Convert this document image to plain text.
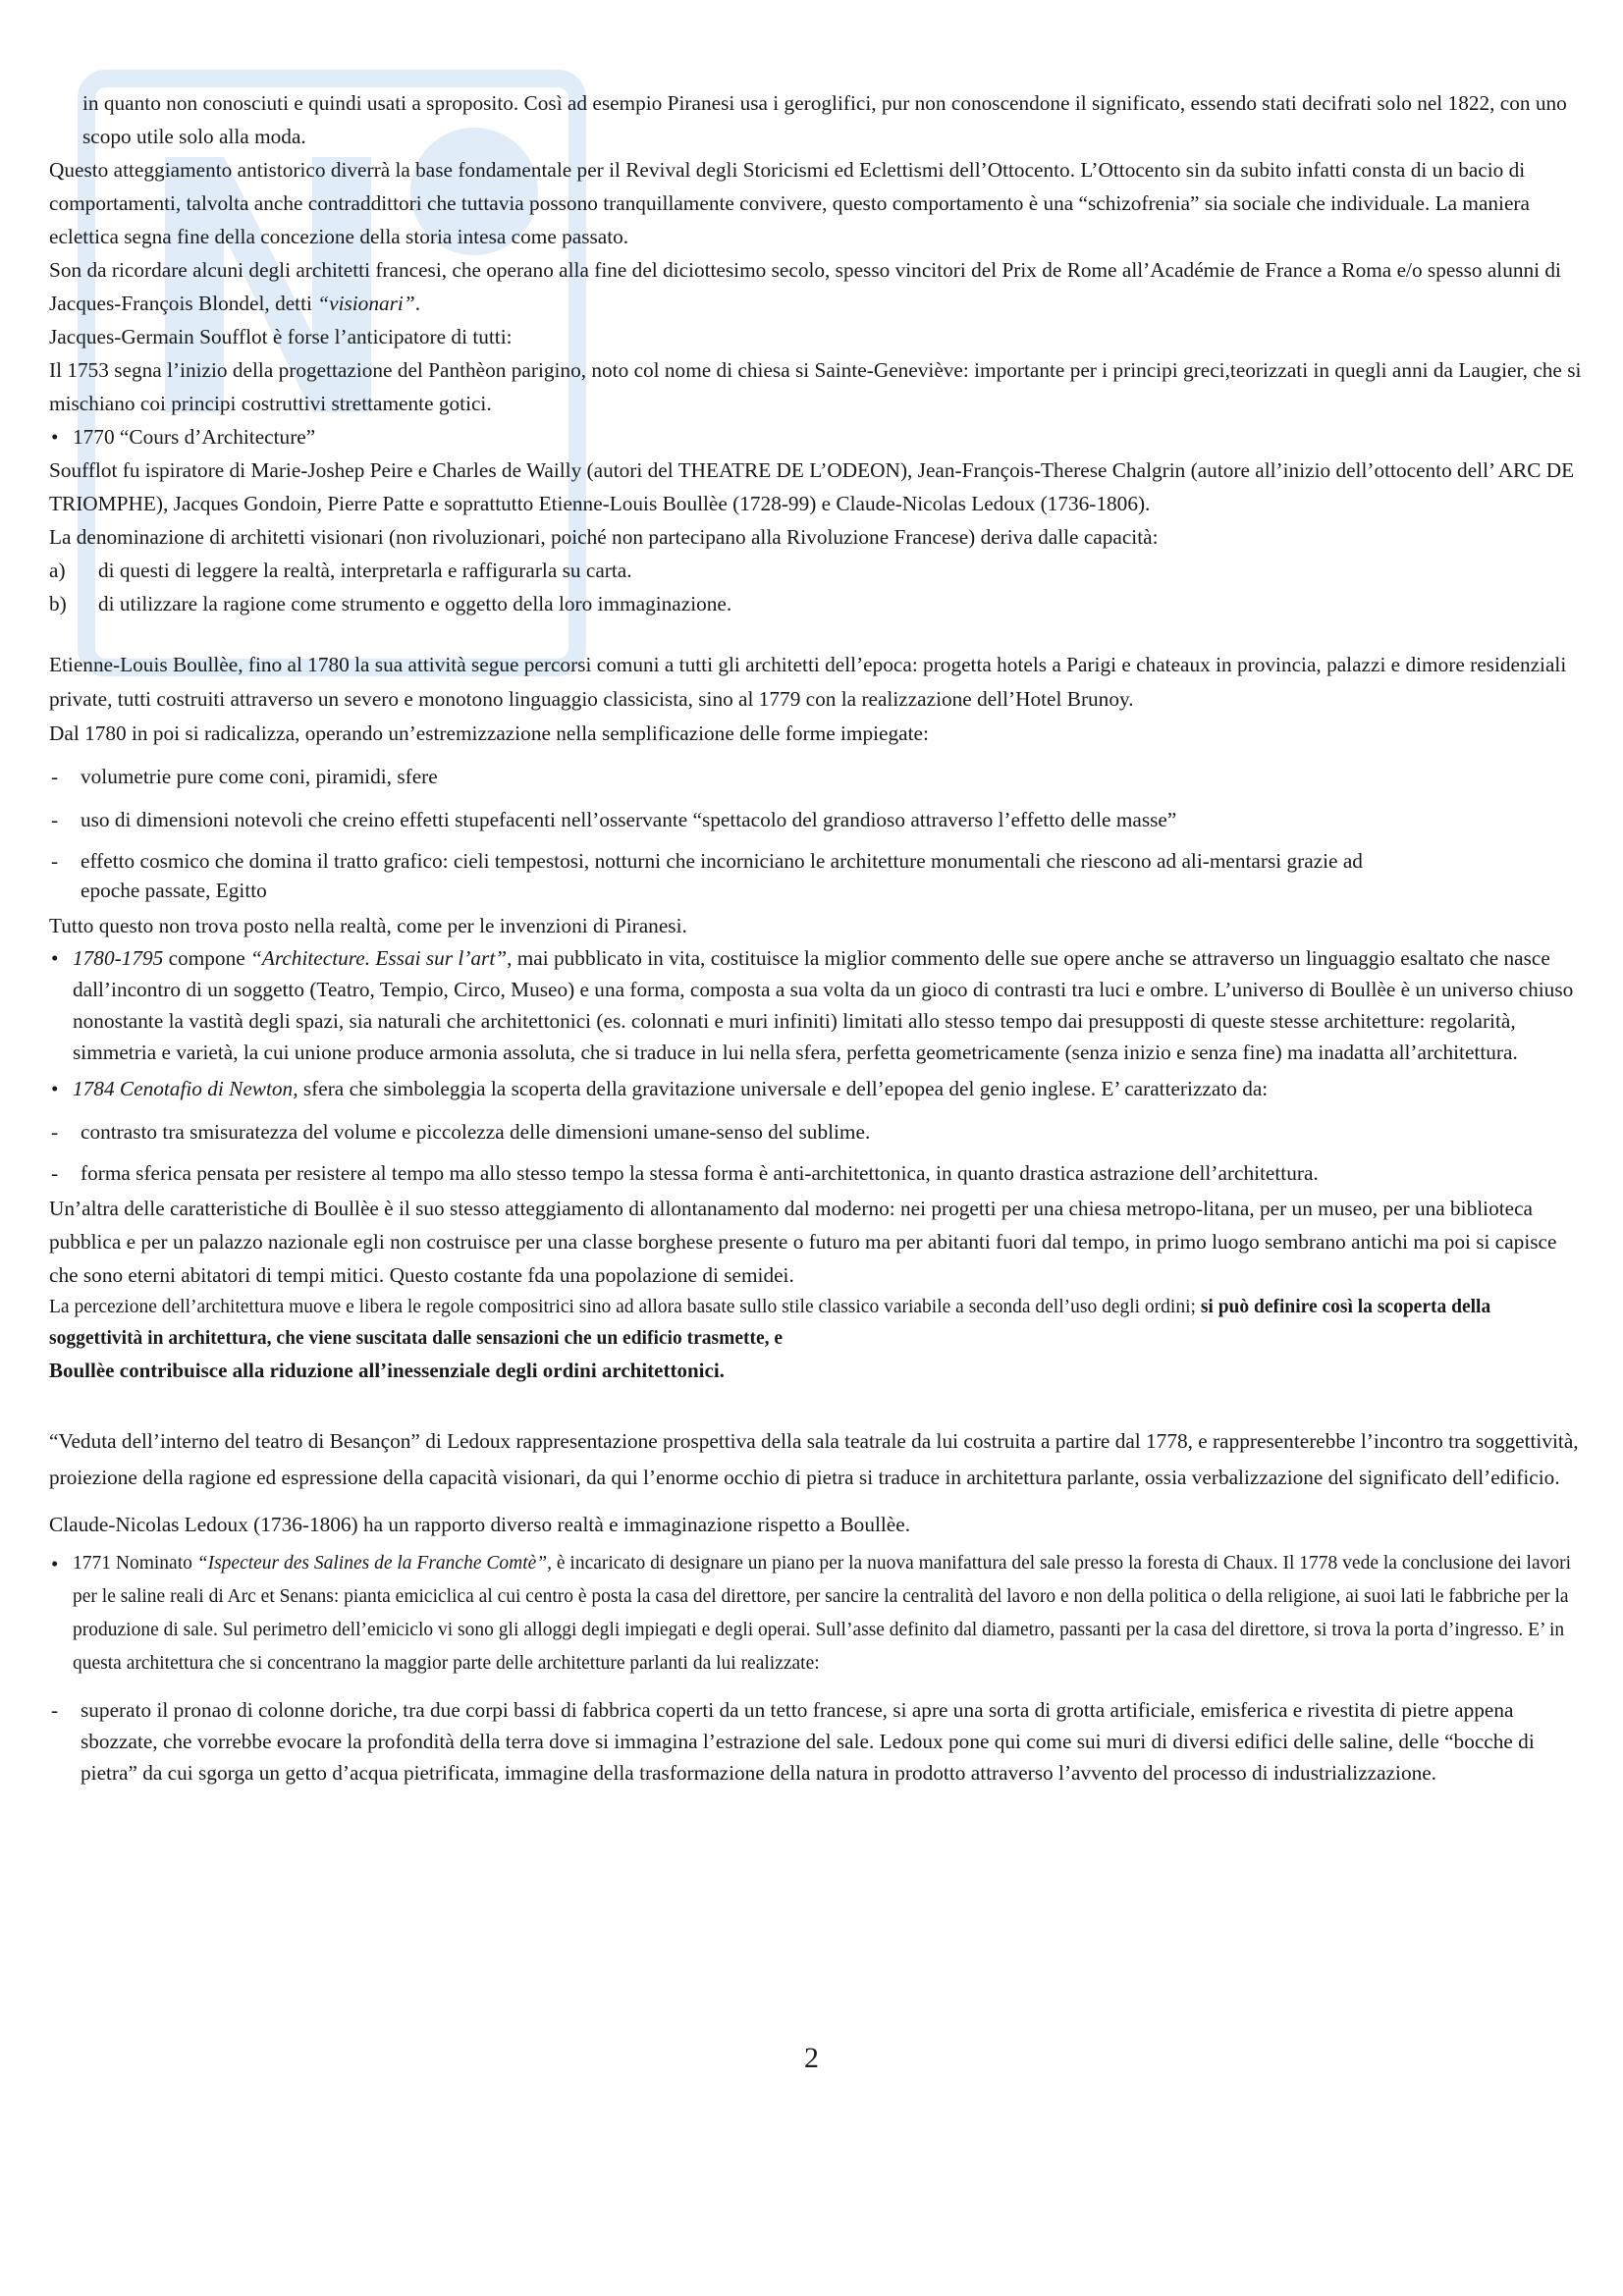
in quanto non conosciuti e quindi usati a sproposito. Così ad esempio Piranesi usa i geroglifici, pur non conoscendone il significato, essendo stati decifrati solo nel 1822, con uno scopo utile solo alla moda.

Questo atteggiamento antistorico diverrà la base fondamentale per il Revival degli Storicismi ed Eclettismi dell’Ottocento. L’Ottocento sin da subito infatti consta di un bacio di comportamenti, talvolta anche contraddittori che tuttavia possono tranquillamente convivere, questo comportamento è una “schizofrenia” sia sociale che individuale. La maniera eclettica segna fine della concezione della storia intesa come passato.

Son da ricordare alcuni degli architetti francesi, che operano alla fine del diciottesimo secolo, spesso vincitori del Prix de Rome all’Académie de France a Roma e/o spesso alunni di Jacques-François Blondel, detti “visionari”.

Jacques-Germain Soufflot è forse l’anticipatore di tutti:

Il 1753 segna l’inizio della progettazione del Panthèon parigino, noto col nome di chiesa si Sainte-Geneviève: importante per i principi greci,teorizzati in quegli anni da Laugier, che si mischiano coi principi costruttivi strettamente gotici.

• 1770 “Cours d’Architecture”

Soufflot fu ispiratore di Marie-Joshep Peire e Charles de Wailly (autori del THEATRE DE L’ODEON), Jean-François-Therese Chalgrin (autore all’inizio dell’ottocento dell’ ARC DE TRIOMPHE), Jacques Gondoin, Pierre Patte e soprattutto Etienne-Louis Boullèe (1728-99) e Claude-Nicolas Ledoux (1736-1806).

La denominazione di architetti visionari (non rivoluzionari, poiché non partecipano alla Rivoluzione Francese) deriva dalle capacità:

a) di questi di leggere la realtà, interpretarla e raffigurarla su carta.

b) di utilizzare la ragione come strumento e oggetto della loro immaginazione.

Etienne-Louis Boullèe, fino al 1780 la sua attività segue percorsi comuni a tutti gli architetti dell’epoca: progetta hotels a Parigi e chateaux in provincia, palazzi e dimore residenziali private, tutti costruiti attraverso un severo e monotono linguaggio classicista, sino al 1779 con la realizzazione dell’Hotel Brunoy.

Dal 1780 in poi si radicalizza, operando un’estremizzazione nella semplificazione delle forme impiegate:

- volumetrie pure come coni, piramidi, sfere

- uso di dimensioni notevoli che creino effetti stupefacenti nell’osservante “spettacolo del grandioso attraverso l’effetto delle masse”

- effetto cosmico che domina il tratto grafico: cieli tempestosi, notturni che incorniciano le architetture monumentali che riescono ad ali-mentarsi grazie ad epoche passate, Egitto

Tutto questo non trova posto nella realtà, come per le invenzioni di Piranesi.

• 1780-1795 compone “Architecture. Essai sur l’art”, mai pubblicato in vita, costituisce la miglior commento delle sue opere anche se attraverso un linguaggio esaltato che nasce dall’incontro di un soggetto (Teatro, Tempio, Circo, Museo) e una forma, composta a sua volta da un gioco di contrasti tra luci e ombre. L’universo di Boullèe è un universo chiuso nonostante la vastità degli spazi, sia naturali che architettonici (es. colonnati e muri infiniti) limitati allo stesso tempo dai presupposti di queste stesse architetture: regolarità, simmetria e varietà, la cui unione produce armonia assoluta, che si traduce in lui nella sfera, perfetta geometricamente (senza inizio e senza fine) ma inadatta all’architettura.

• 1784 Cenotafio di Newton, sfera che simboleggia la scoperta della gravitazione universale e dell’epopea del genio inglese. E’ caratterizzato da:

- contrasto tra smisuratezza del volume e piccolezza delle dimensioni umane-senso del sublime.

- forma sferica pensata per resistere al tempo ma allo stesso tempo la stessa forma è anti-architettonica, in quanto drastica astrazione dell’architettura.

Un’altra delle caratteristiche di Boullèe è il suo stesso atteggiamento di allontanamento dal moderno: nei progetti per una chiesa metropo-litana, per un museo, per una biblioteca pubblica e per un palazzo nazionale egli non costruisce per una classe borghese presente o futuro ma per abitanti fuori dal tempo, in primo luogo sembrano antichi ma poi si capisce che sono eterni abitatori di tempi mitici. Questo costante fda una popolazione di semidei.

La percezione dell’architettura muove e libera le regole compositrici sino ad allora basate sullo stile classico variabile a seconda dell’uso degli ordini; si può definire così la scoperta della soggettività in architettura, che viene suscitata dalle sensazioni che un edificio trasmette, e
Boullèe contribuisce alla riduzione all’inessenziale degli ordini architettonici.

“Veduta dell’interno del teatro di Besançon” di Ledoux rappresentazione prospettiva della sala teatrale da lui costruita a partire dal 1778, e rappresenterebbe l’incontro tra soggettività, proiezione della ragione ed espressione della capacità visionari, da qui l’enorme occhio di pietra si traduce in architettura parlante, ossia verbalizzazione del significato dell’edificio.

Claude-Nicolas Ledoux (1736-1806) ha un rapporto diverso realtà e immaginazione rispetto a Boullèe.

• 1771 Nominato “Ispecteur des Salines de la Franche Comtè”, è incaricato di designare un piano per la nuova manifattura del sale presso la foresta di Chaux. Il 1778 vede la conclusione dei lavori per le saline reali di Arc et Senans: pianta emiciclica al cui centro è posta la casa del direttore, per sancire la centralità del lavoro e non della politica o della religione, ai suoi lati le fabbriche per la produzione di sale. Sul perimetro dell’emiciclo vi sono gli alloggi degli impiegati e degli operai. Sull’asse definito dal diametro, passanti per la casa del direttore, si trova la porta d’ingresso. E’ in questa architettura che si concentrano la maggior parte delle architetture parlanti da lui realizzate:

- superato il pronao di colonne doriche, tra due corpi bassi di fabbrica coperti da un tetto francese, si apre una sorta di grotta artificiale, emisferica e rivestita di pietre appena sbozzate, che vorrebbe evocare la profondità della terra dove si immagina l’estrazione del sale. Ledoux pone qui come sui muri di diversi edifici delle saline, delle “bocche di pietra” da cui sgorga un getto d’acqua pietrificata, immagine della trasformazione della natura in prodotto attraverso l’avvento del processo di industrializzazione.

2
